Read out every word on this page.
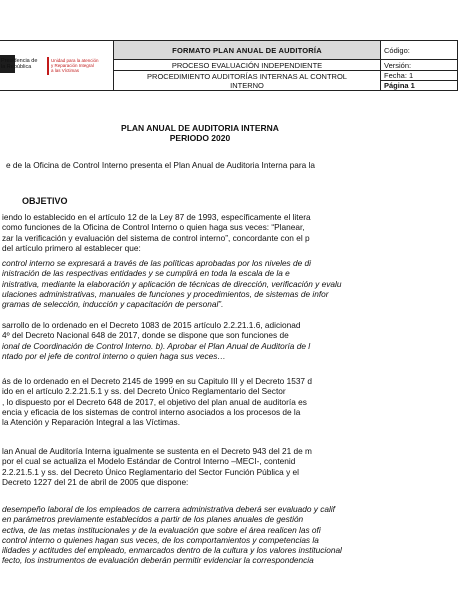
Presidencia de
la República
Unidad para la atención
y Reparación Integral
a las Víctimas	FORMATO PLAN ANUAL DE AUDITORÍA	Código:
	PROCESO EVALUACIÓN INDEPENDIENTE	Versión:

	PROCEDIMIENTO AUDITORÍAS INTERNAS AL CONTROL
INTERNO	Fecha: 1
		Página 1
PLAN ANUAL DE AUDITORIA INTERNA
PERIODO 2020
e de la Oficina de Control Interno presenta el Plan Anual de Auditoria Interna para la
OBJETIVO
iendo lo establecido en el artículo 12 de la Ley 87 de 1993, específicamente el litera
como funciones de la Oficina de Control Interno o quien haga sus veces: “Planear,
zar la verificación y evaluación del sistema de control interno”, concordante con el p
del artículo primero al establecer que:
control interno se expresará a través de las políticas aprobadas por los niveles de di
inistración de las respectivas entidades y se cumplirá en toda la escala de la e
inistrativa, mediante la elaboración y aplicación de técnicas de dirección, verificación y evalu
ulaciones administrativas, manuales de funciones y procedimientos, de sistemas de infor
gramas de selección, inducción y capacitación de personal”.
sarrollo de lo ordenado en el Decreto 1083 de 2015 artículo 2.2.21.1.6, adicionad
4º del Decreto Nacional 648 de 2017, donde se dispone que son funciones de
ional de Coordinación de Control Interno. b). Aprobar el Plan Anual de Auditoría de l
ntado por el jefe de control interno o quien haga sus veces…
ás de lo ordenado en el Decreto 2145 de 1999 en su Capitulo III y el Decreto 1537 d
ido en el artículo 2.2.21.5.1 y ss. del Decreto Único Reglamentario del Sector
, lo dispuesto por el Decreto 648 de 2017, el objetivo del plan anual de auditoría es
encia y eficacia de los sistemas de control interno asociados a los procesos de la
la Atención y Reparación Integral a las Víctimas.
lan Anual de Auditoría Interna igualmente se sustenta en el Decreto 943 del 21 de m
por el cual se actualiza el Modelo Estándar de Control Interno –MECI-, contenid
2.2.21.5.1 y ss. del Decreto Único Reglamentario del Sector Función Pública y el
Decreto 1227 del 21 de abril de 2005 que dispone:
desempeño laboral de los empleados de carrera administrativa deberá ser evaluado y calif
en parámetros previamente establecidos a partir de los planes anuales de gestión
ectiva, de las metas institucionales y de la evaluación que sobre el área realicen las ofi
control interno o quienes hagan sus veces, de los comportamientos y competencias la
ilidades y actitudes del empleado, enmarcados dentro de la cultura y los valores institucional
fecto, los instrumentos de evaluación deberán permitir evidenciar la correspondencia
